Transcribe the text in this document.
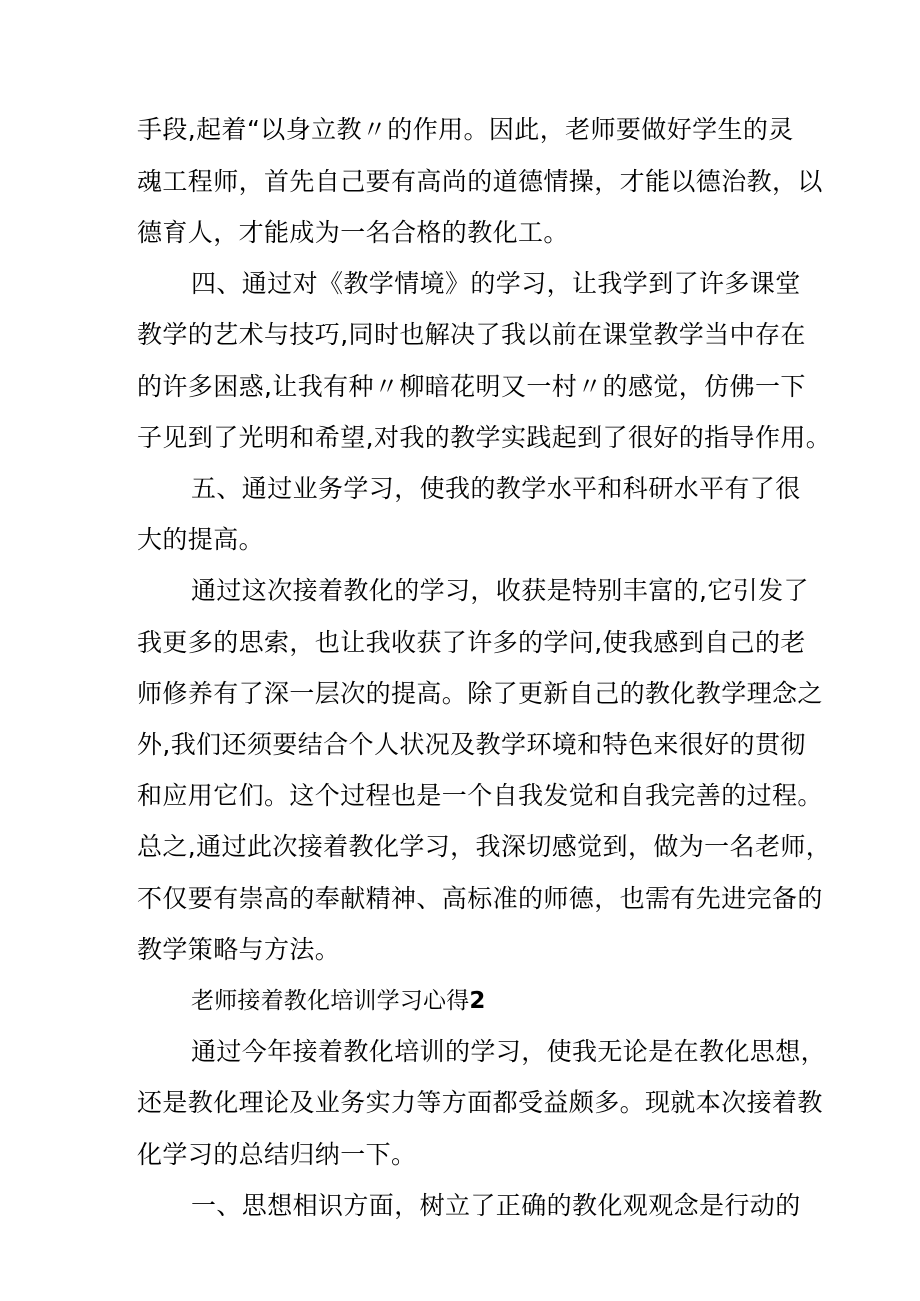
手段,起着“以身立教〃的作用。因此，老师要做好学生的灵
魂工程师，首先自己要有高尚的道德情操，才能以德治教，以
德育人，才能成为一名合格的教化工。
四、通过对《教学情境》的学习，让我学到了许多课堂
教学的艺术与技巧,同时也解决了我以前在课堂教学当中存在
的许多困惑,让我有种〃柳暗花明又一村〃的感觉，仿佛一下
子见到了光明和希望,对我的教学实践起到了很好的指导作用。
五、通过业务学习，使我的教学水平和科研水平有了很
大的提高。
通过这次接着教化的学习，收获是特别丰富的,它引发了
我更多的思索，也让我收获了许多的学问,使我感到自己的老
师修养有了深一层次的提高。除了更新自己的教化教学理念之
外,我们还须要结合个人状况及教学环境和特色来很好的贯彻
和应用它们。这个过程也是一个自我发觉和自我完善的过程。
总之,通过此次接着教化学习，我深切感觉到，做为一名老师，
不仅要有崇高的奉献精神、高标准的师德，也需有先进完备的
教学策略与方法。
老师接着教化培训学习心得2
通过今年接着教化培训的学习，使我无论是在教化思想，
还是教化理论及业务实力等方面都受益颇多。现就本次接着教
化学习的总结归纳一下。
一、思想相识方面，树立了正确的教化观观念是行动的
